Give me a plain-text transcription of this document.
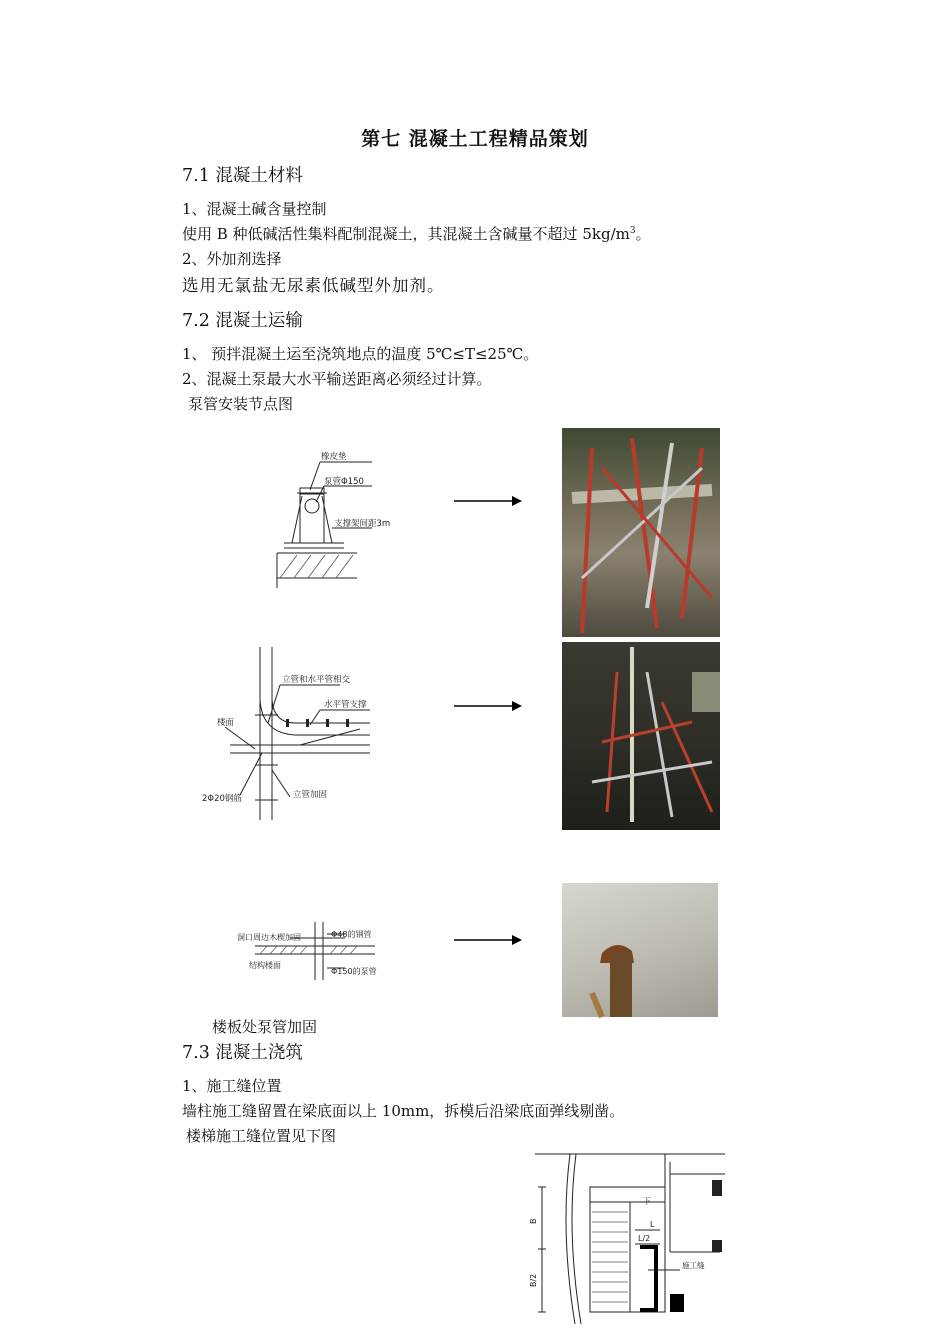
第七 混凝土工程精品策划
7.1 混凝土材料
1、混凝土碱含量控制
使用 B 种低碱活性集料配制混凝土，其混凝土含碱量不超过 $5kg/m^3$。
2、外加剂选择
选用无氯盐无尿素低碱型外加剂。
7.2 混凝土运输
1、 预拌混凝土运至浇筑地点的温度 5℃≤T≤25℃。
2、混凝土泵最大水平输送距离必须经过计算。
泵管安装节点图
橡皮垫
泵管Φ150
支撑架间距3m
立管和水平管相交
水平管支撑
楼面
立管加固
2Φ20钢筋
洞口周边木楔加固	Φ48的钢管
结构楼面
Φ150的泵管
楼板处泵管加固
7.3 混凝土浇筑
1、施工缝位置
墙柱施工缝留置在梁底面以上 10mm，拆模后沿梁底面弹线剔凿。
楼梯施工缝位置见下图
下
L
L/2
B
B/2
施工缝
